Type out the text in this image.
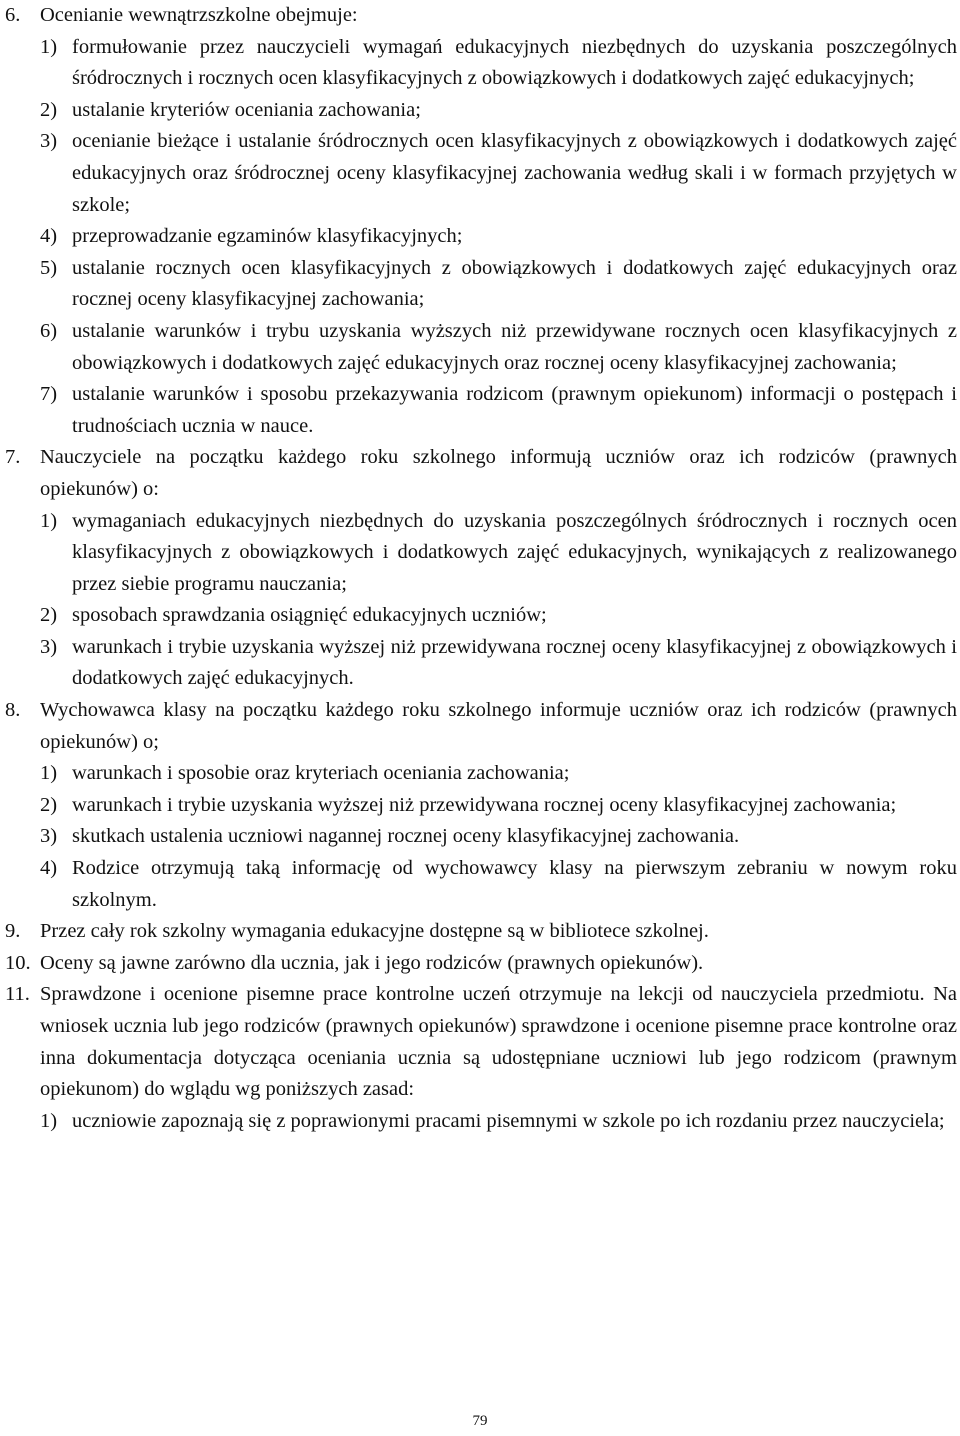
6. Ocenianie wewnątrzszkolne obejmuje:
1) formułowanie przez nauczycieli wymagań edukacyjnych niezbędnych do uzyskania poszczególnych śródrocznych i rocznych ocen klasyfikacyjnych z obowiązkowych i dodatkowych zajęć edukacyjnych;
2) ustalanie kryteriów oceniania zachowania;
3) ocenianie bieżące i ustalanie śródrocznych ocen klasyfikacyjnych z obowiązkowych i dodatkowych zajęć edukacyjnych oraz śródrocznej oceny klasyfikacyjnej zachowania według skali i w formach przyjętych w szkole;
4) przeprowadzanie egzaminów klasyfikacyjnych;
5) ustalanie rocznych ocen klasyfikacyjnych z obowiązkowych i dodatkowych zajęć edukacyjnych oraz rocznej oceny klasyfikacyjnej zachowania;
6) ustalanie warunków i trybu uzyskania wyższych niż przewidywane rocznych ocen klasyfikacyjnych z obowiązkowych i dodatkowych zajęć edukacyjnych oraz rocznej oceny klasyfikacyjnej zachowania;
7) ustalanie warunków i sposobu przekazywania rodzicom (prawnym opiekunom) informacji o postępach i trudnościach ucznia w nauce.
7. Nauczyciele na początku każdego roku szkolnego informują uczniów oraz ich rodziców (prawnych opiekunów) o:
1) wymaganiach edukacyjnych niezbędnych do uzyskania poszczególnych śródrocznych i rocznych ocen klasyfikacyjnych z obowiązkowych i dodatkowych zajęć edukacyjnych, wynikających z realizowanego przez siebie programu nauczania;
2) sposobach sprawdzania osiągnięć edukacyjnych uczniów;
3) warunkach i trybie uzyskania wyższej niż przewidywana rocznej oceny klasyfikacyjnej z obowiązkowych i dodatkowych zajęć edukacyjnych.
8. Wychowawca klasy na początku każdego roku szkolnego informuje uczniów oraz ich rodziców (prawnych opiekunów) o;
1) warunkach i sposobie oraz kryteriach oceniania zachowania;
2) warunkach i trybie uzyskania wyższej niż przewidywana rocznej oceny klasyfikacyjnej zachowania;
3) skutkach ustalenia uczniowi nagannej rocznej oceny klasyfikacyjnej zachowania.
4) Rodzice otrzymują taką informację od wychowawcy klasy na pierwszym zebraniu w nowym roku szkolnym.
9. Przez cały rok szkolny wymagania edukacyjne dostępne są w bibliotece szkolnej.
10. Oceny są jawne zarówno dla ucznia, jak i jego rodziców (prawnych opiekunów).
11. Sprawdzone i ocenione pisemne prace kontrolne uczeń otrzymuje na lekcji od nauczyciela przedmiotu. Na wniosek ucznia lub jego rodziców (prawnych opiekunów) sprawdzone i ocenione pisemne prace kontrolne oraz inna dokumentacja dotycząca oceniania ucznia są udostępniane uczniowi lub jego rodzicom (prawnym opiekunom) do wglądu wg poniższych zasad:
1) uczniowie zapoznają się z poprawionymi pracami pisemnymi w szkole po ich rozdaniu przez nauczyciela;
79
